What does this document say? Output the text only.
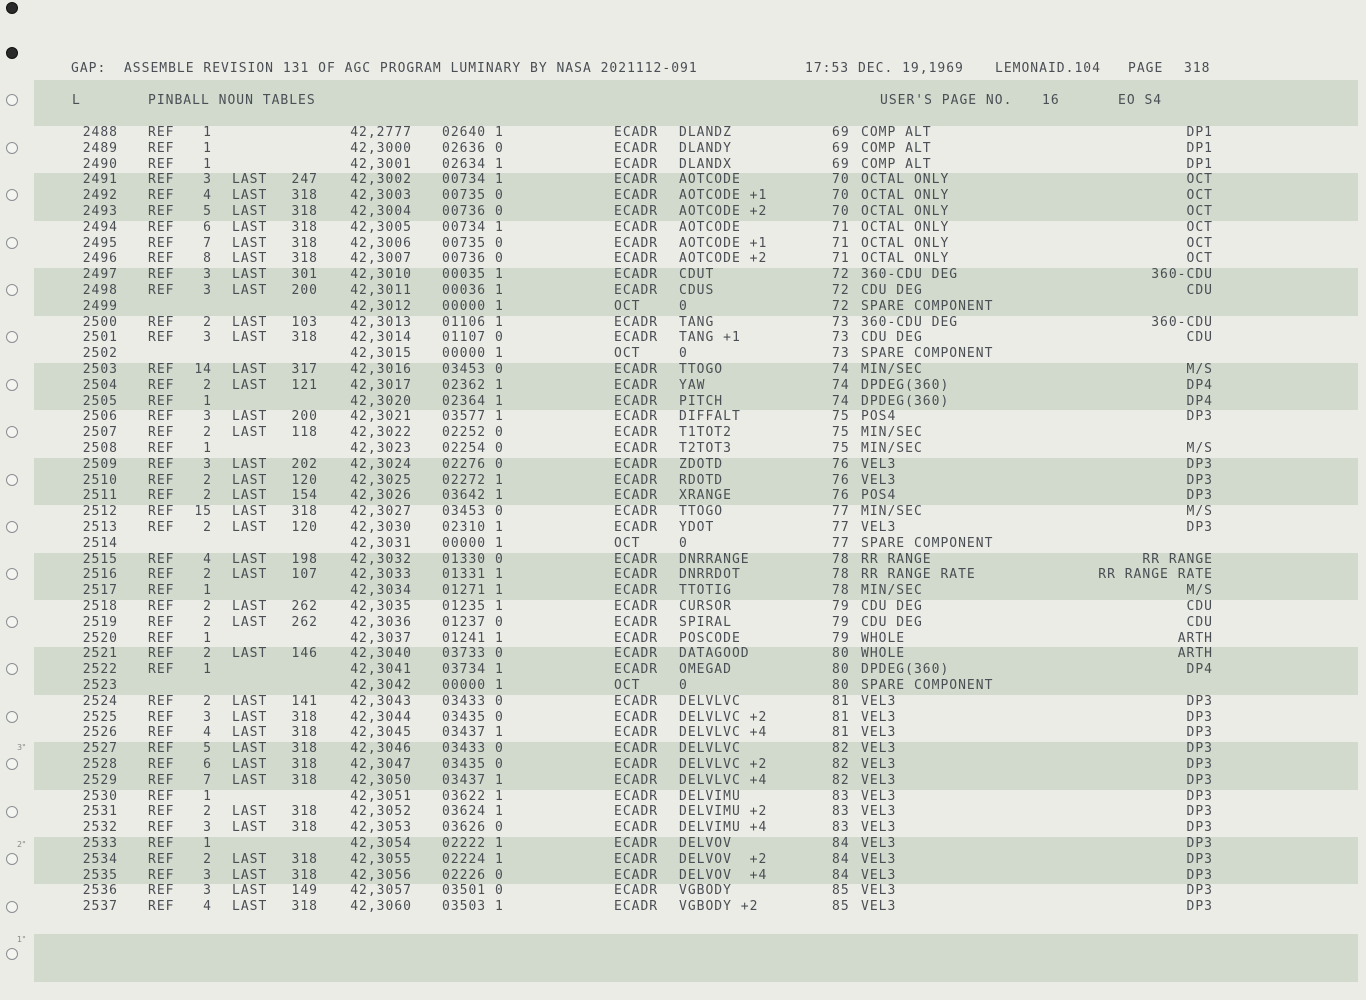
3"
2"
1"

GAP:  ASSEMBLE REVISION 131 OF AGC PROGRAM LUMINARY BY NASA 2021112-091

	17:53 DEC. 19,1969

LEMONAID.104

PAGE

318

L

	PINBALL NOUN TABLES

	USER'S PAGE NO.

16

	EO S4

2488 REF	1	42,2777 02640 1	ECADR	DLANDZ	69 COMP ALT	DP1
2489 REF	1	42,3000 02636 0	ECADR	DLANDY	69 COMP ALT	DP1
2490 REF	1	42,3001 02634 1	ECADR	DLANDX	69 COMP ALT	DP1
2491 REF	3 LAST	247	42,3002 00734 1	ECADR	AOTCODE	70 OCTAL ONLY	OCT
2492 REF	4 LAST	318	42,3003 00735 0	ECADR	AOTCODE +1	70 OCTAL ONLY	OCT
2493 REF	5 LAST	318	42,3004 00736 0	ECADR	AOTCODE +2	70 OCTAL ONLY	OCT
2494 REF	6 LAST	318	42,3005 00734 1	ECADR	AOTCODE	71 OCTAL ONLY	OCT
2495 REF	7 LAST	318	42,3006 00735 0	ECADR	AOTCODE +1	71 OCTAL ONLY	OCT
2496 REF	8 LAST	318	42,3007 00736 0	ECADR	AOTCODE +2	71 OCTAL ONLY	OCT
2497 REF	3 LAST	301	42,3010 00035 1	ECADR	CDUT	72 360-CDU DEG	360-CDU
2498 REF	3 LAST	200	42,3011 00036 1	ECADR	CDUS	72 CDU DEG	CDU
2499	42,3012 00000 1	OCT	0	72 SPARE COMPONENT
2500 REF	2 LAST	103	42,3013 01106 1	ECADR	TANG	73 360-CDU DEG	360-CDU
2501 REF	3 LAST	318	42,3014 01107 0	ECADR	TANG +1	73 CDU DEG	CDU
2502	42,3015 00000 1	OCT	0	73 SPARE COMPONENT
2503 REF	14 LAST	317	42,3016 03453 0	ECADR	TTOGO	74 MIN/SEC	M/S
2504 REF	2 LAST	121	42,3017 02362 1	ECADR	YAW	74 DPDEG(360)	DP4
2505 REF	1	42,3020 02364 1	ECADR	PITCH	74 DPDEG(360)	DP4
2506 REF	3 LAST	200	42,3021 03577 1	ECADR	DIFFALT	75 POS4	DP3
2507 REF	2 LAST	118	42,3022 02252 0	ECADR	T1TOT2	75 MIN/SEC
2508 REF	1	42,3023 02254 0	ECADR	T2TOT3	75 MIN/SEC	M/S
2509 REF	3 LAST	202	42,3024 02276 0	ECADR	ZDOTD	76 VEL3	DP3
2510 REF	2 LAST	120	42,3025 02272 1	ECADR	RDOTD	76 VEL3	DP3
2511 REF	2 LAST	154	42,3026 03642 1	ECADR	XRANGE	76 POS4	DP3
2512 REF	15 LAST	318	42,3027 03453 0	ECADR	TTOGO	77 MIN/SEC	M/S
2513 REF	2 LAST	120	42,3030 02310 1	ECADR	YDOT	77 VEL3	DP3
2514	42,3031 00000 1	OCT	0	77 SPARE COMPONENT
2515 REF	4 LAST	198	42,3032 01330 0	ECADR	DNRRANGE	78 RR RANGE	RR RANGE
2516 REF	2 LAST	107	42,3033 01331 1	ECADR	DNRRDOT	78 RR RANGE RATE	RR RANGE RATE
2517 REF	1	42,3034 01271 1	ECADR	TTOTIG	78 MIN/SEC	M/S
2518 REF	2 LAST	262	42,3035 01235 1	ECADR	CURSOR	79 CDU DEG	CDU
2519 REF	2 LAST	262	42,3036 01237 0	ECADR	SPIRAL	79 CDU DEG	CDU
2520 REF	1	42,3037 01241 1	ECADR	POSCODE	79 WHOLE	ARTH
2521 REF	2 LAST	146	42,3040 03733 0	ECADR	DATAGOOD	80 WHOLE	ARTH
2522 REF	1	42,3041 03734 1	ECADR	OMEGAD	80 DPDEG(360)	DP4
2523	42,3042 00000 1	OCT	0	80 SPARE COMPONENT
2524 REF	2 LAST	141	42,3043 03433 0	ECADR	DELVLVC	81 VEL3	DP3
2525 REF	3 LAST	318	42,3044 03435 0	ECADR	DELVLVC +2	81 VEL3	DP3
2526 REF	4 LAST	318	42,3045 03437 1	ECADR	DELVLVC +4	81 VEL3	DP3
2527 REF	5 LAST	318	42,3046 03433 0	ECADR	DELVLVC	82 VEL3	DP3
2528 REF	6 LAST	318	42,3047 03435 0	ECADR	DELVLVC +2	82 VEL3	DP3
2529 REF	7 LAST	318	42,3050 03437 1	ECADR	DELVLVC +4	82 VEL3	DP3
2530 REF	1	42,3051 03622 1	ECADR	DELVIMU	83 VEL3	DP3
2531 REF	2 LAST	318	42,3052 03624 1	ECADR	DELVIMU +2	83 VEL3	DP3
2532 REF	3 LAST	318	42,3053 03626 0	ECADR	DELVIMU +4	83 VEL3	DP3
2533 REF	1	42,3054 02222 1	ECADR	DELVOV	84 VEL3	DP3
2534 REF	2 LAST	318	42,3055 02224 1	ECADR	DELVOV  +2	84 VEL3	DP3
2535 REF	3 LAST	318	42,3056 02226 0	ECADR	DELVOV  +4	84 VEL3	DP3
2536 REF	3 LAST	149	42,3057 03501 0	ECADR	VGBODY	85 VEL3	DP3
2537 REF	4 LAST	318	42,3060 03503 1	ECADR	VGBODY +2	85 VEL3	DP3
